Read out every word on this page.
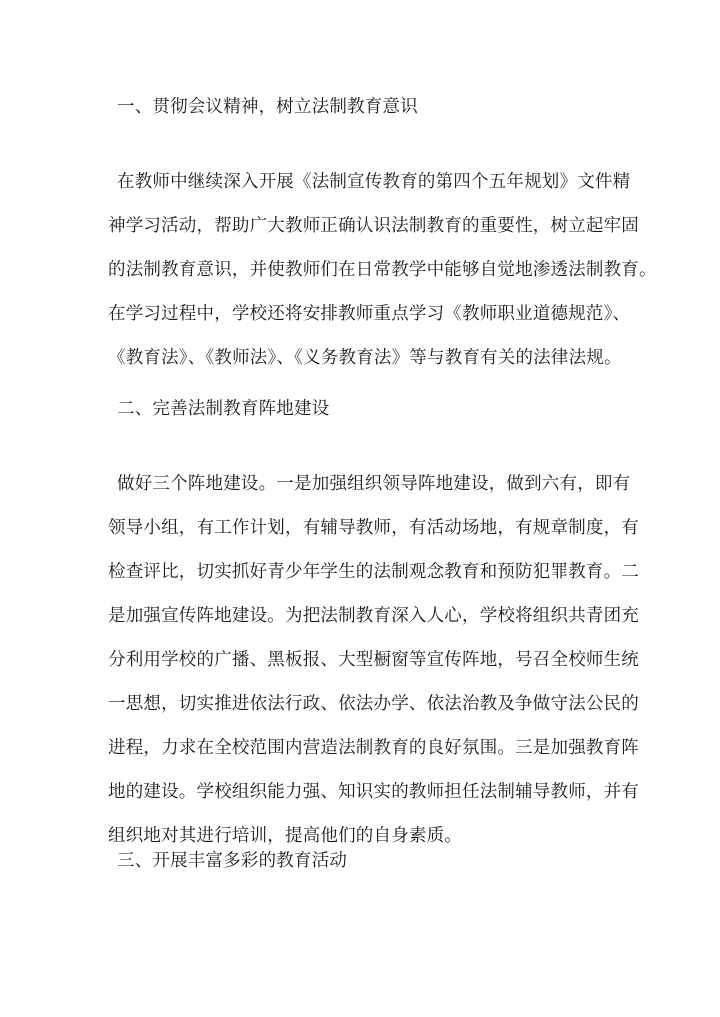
一、贯彻会议精神，树立法制教育意识
在教师中继续深入开展《法制宣传教育的第四个五年规划》文件精
神学习活动，帮助广大教师正确认识法制教育的重要性，树立起牢固
的法制教育意识，并使教师们在日常教学中能够自觉地渗透法制教育。
在学习过程中，学校还将安排教师重点学习《教师职业道德规范》、
《教育法》、《教师法》、《义务教育法》等与教育有关的法律法规。
二、完善法制教育阵地建设
做好三个阵地建设。一是加强组织领导阵地建设，做到六有，即有
领导小组，有工作计划，有辅导教师，有活动场地，有规章制度，有
检查评比，切实抓好青少年学生的法制观念教育和预防犯罪教育。二
是加强宣传阵地建设。为把法制教育深入人心，学校将组织共青团充
分利用学校的广播、黑板报、大型橱窗等宣传阵地，号召全校师生统
一思想，切实推进依法行政、依法办学、依法治教及争做守法公民的
进程，力求在全校范围内营造法制教育的良好氛围。三是加强教育阵
地的建设。学校组织能力强、知识实的教师担任法制辅导教师，并有
组织地对其进行培训，提高他们的自身素质。
三、开展丰富多彩的教育活动
